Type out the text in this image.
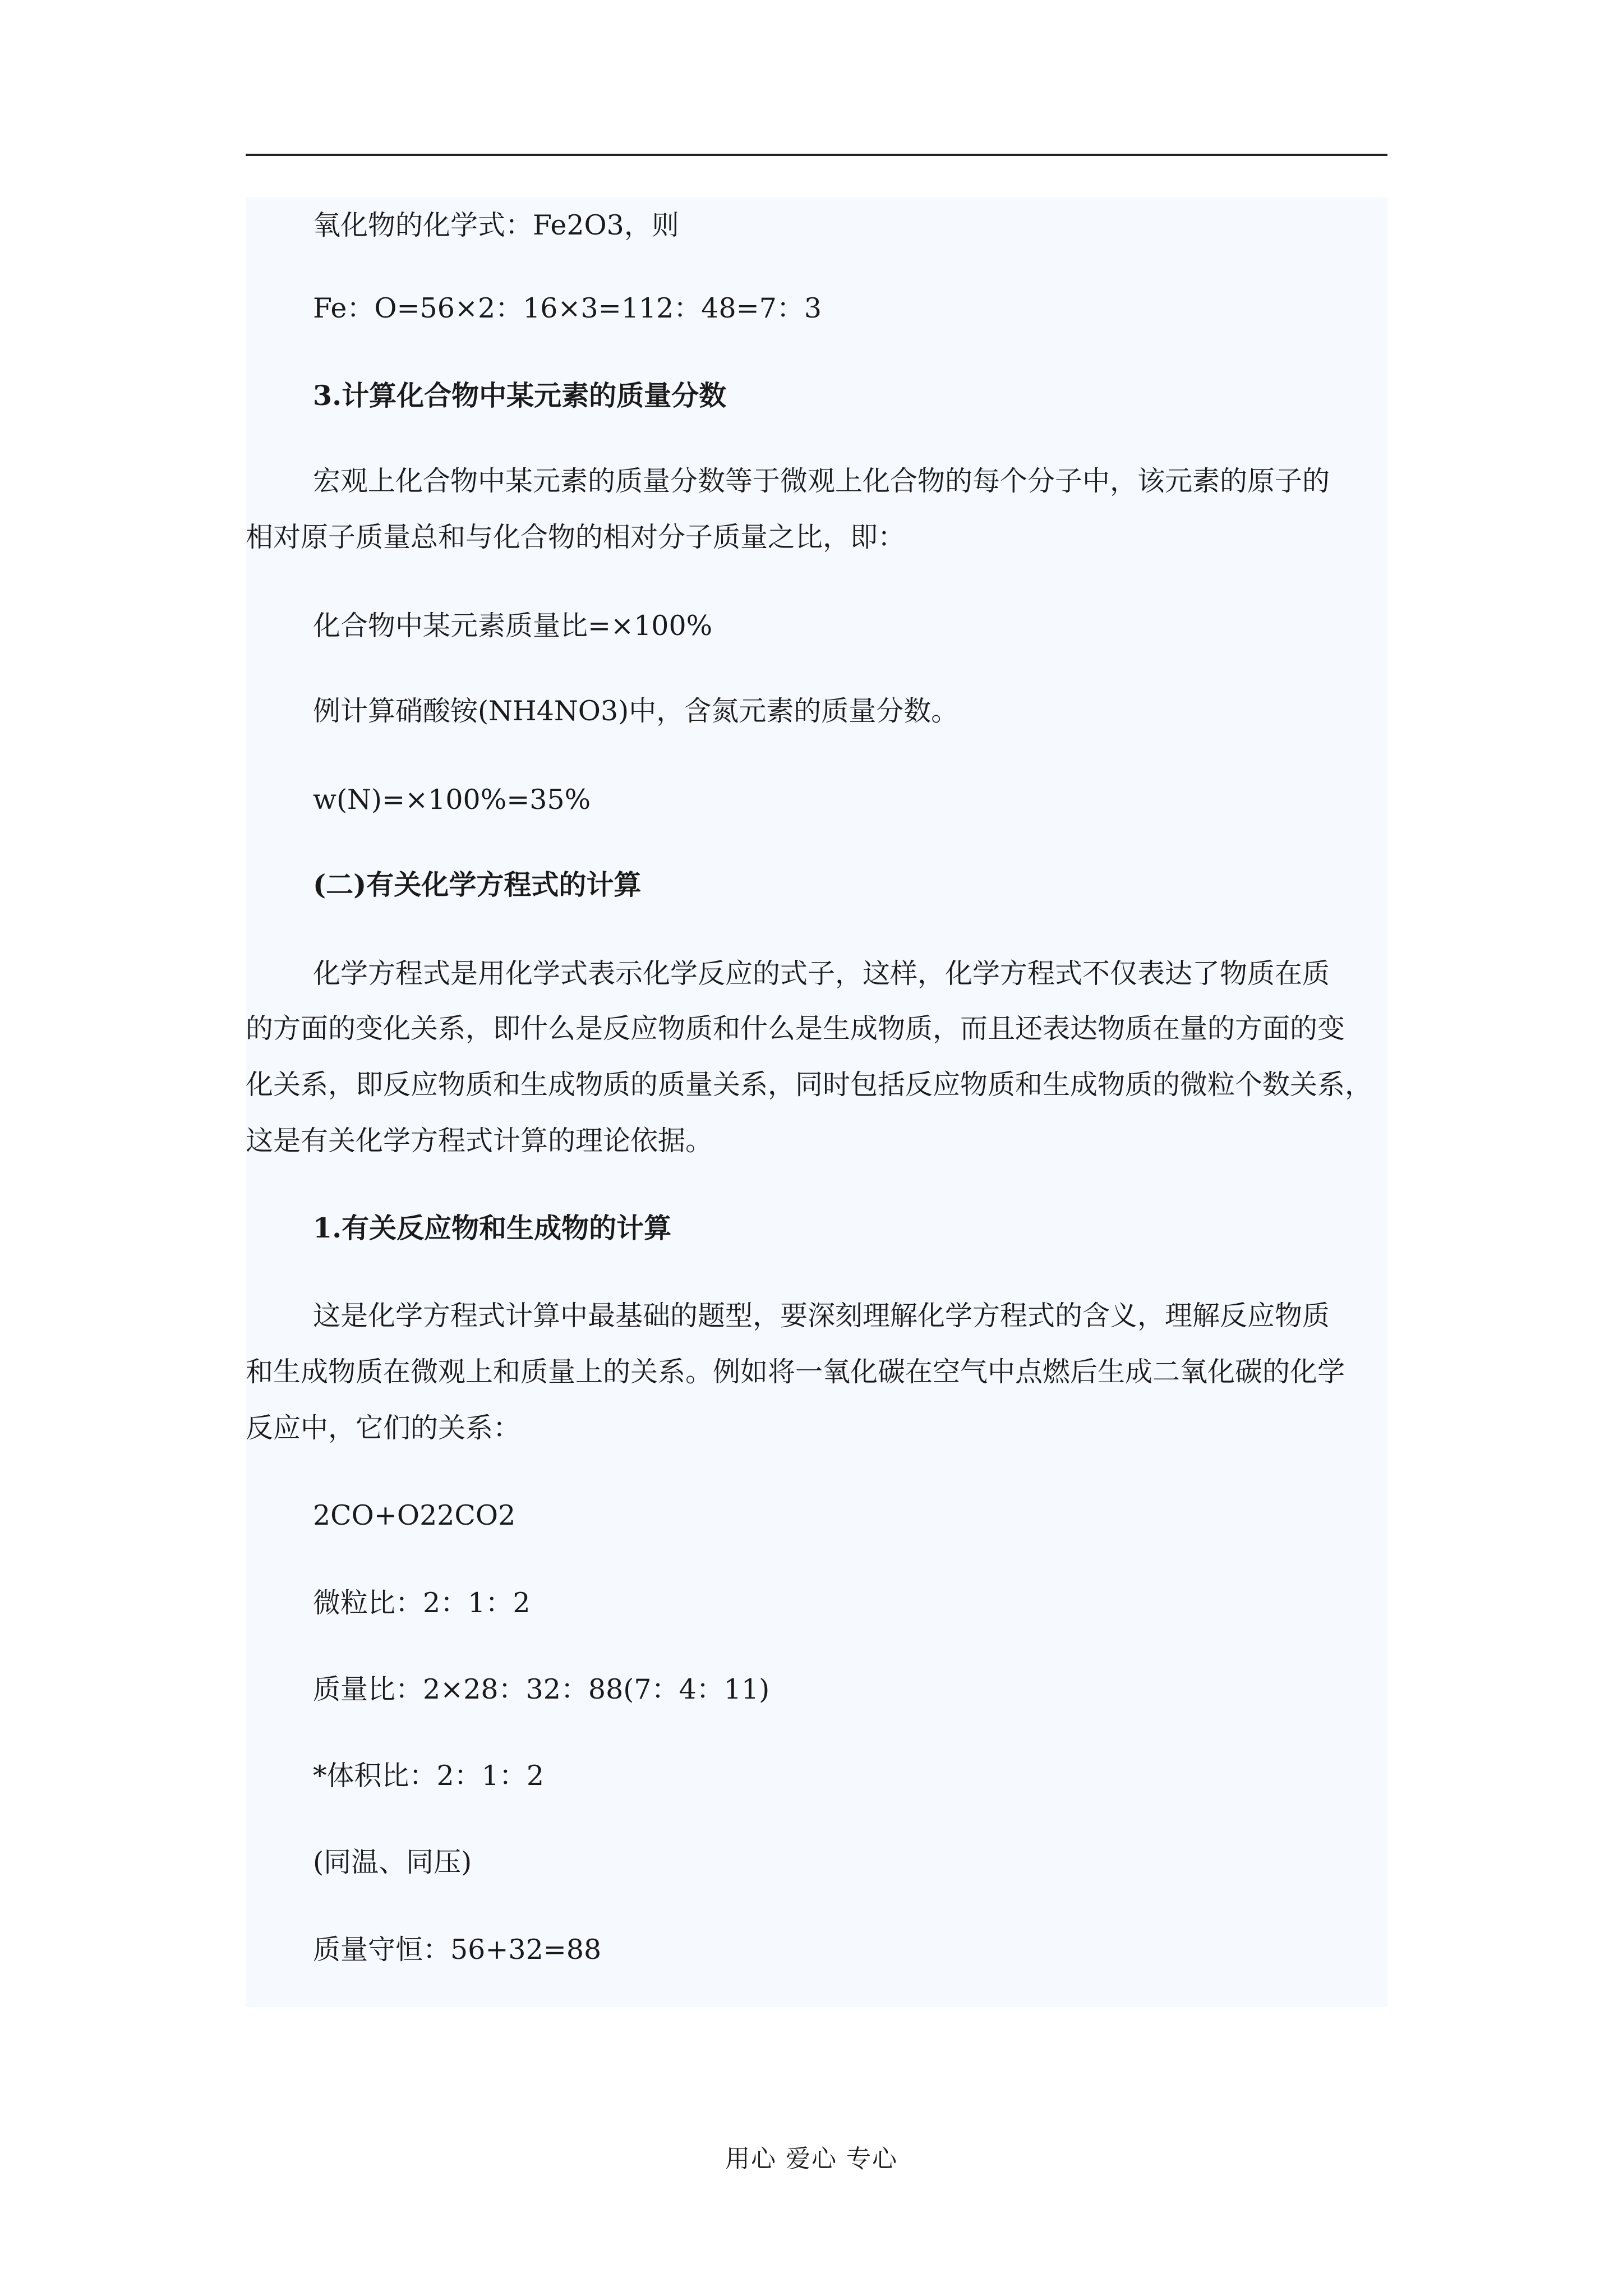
氧化物的化学式：Fe2O3，则

Fe：O=56×2：16×3=112：48=7：3

3.计算化合物中某元素的质量分数

宏观上化合物中某元素的质量分数等于微观上化合物的每个分子中，该元素的原子的

相对原子质量总和与化合物的相对分子质量之比，即：

化合物中某元素质量比=×100%

例计算硝酸铵(NH4NO3)中，含氮元素的质量分数。

w(N)=×100%=35%

(二)有关化学方程式的计算

化学方程式是用化学式表示化学反应的式子，这样，化学方程式不仅表达了物质在质

的方面的变化关系，即什么是反应物质和什么是生成物质，而且还表达物质在量的方面的变

化关系，即反应物质和生成物质的质量关系，同时包括反应物质和生成物质的微粒个数关系，

这是有关化学方程式计算的理论依据。

1.有关反应物和生成物的计算

这是化学方程式计算中最基础的题型，要深刻理解化学方程式的含义，理解反应物质

和生成物质在微观上和质量上的关系。例如将一氧化碳在空气中点燃后生成二氧化碳的化学

反应中，它们的关系：

2CO+O22CO2

微粒比：2：1：2

质量比：2×28：32：88(7：4：11)

*体积比：2：1：2

(同温、同压)

质量守恒：56+32=88

用心 爱心 专心
